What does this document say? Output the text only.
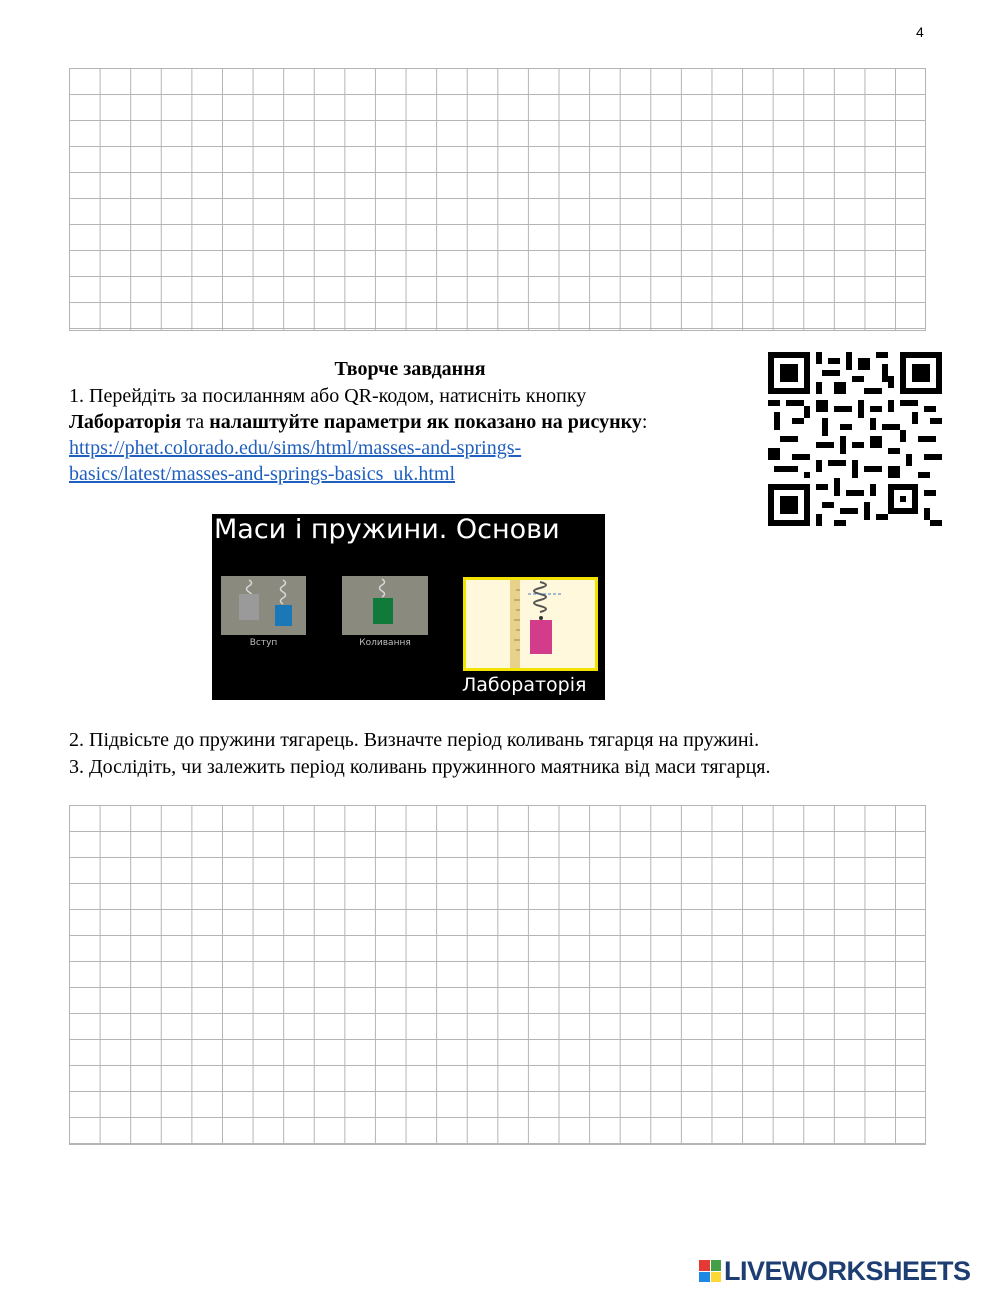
4
Творче завдання
1. Перейдіть за посиланням або QR-кодом, натисніть кнопку
Лабораторія та налаштуйте параметри як показано на рисунку:
https://phet.colorado.edu/sims/html/masses-and-springs-
basics/latest/masses-and-springs-basics_uk.html
Маси і пружини. Основи
Вступ	Коливання
Лабораторія
2. Підвісьте до пружини тягарець. Визначте період коливань тягарця на пружині.
3. Дослідіть, чи залежить період коливань пружинного маятника від маси тягарця.
LIVEWORKSHEETS
